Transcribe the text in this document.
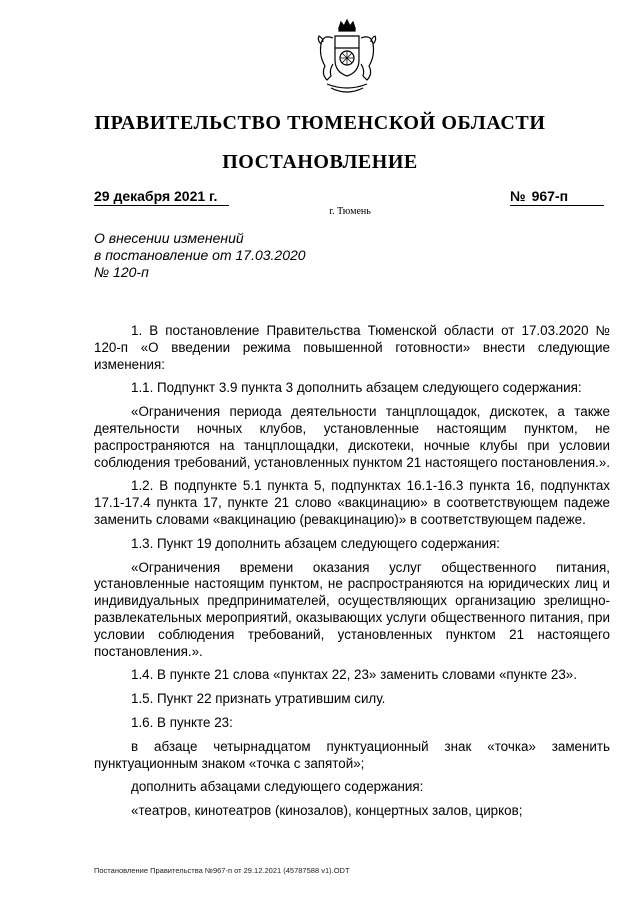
ПРАВИТЕЛЬСТВО ТЮМЕНСКОЙ ОБЛАСТИ
ПОСТАНОВЛЕНИЕ
29 декабря 2021 г.	№ 967-п
г. Тюмень
О внесении изменений
в постановление от 17.03.2020
№ 120-п

1. В постановление Правительства Тюменской области от 17.03.2020 № 120-п «О введении режима повышенной готовности» внести следующие изменения:

1.1. Подпункт 3.9 пункта 3 дополнить абзацем следующего содержания:

«Ограничения периода деятельности танцплощадок, дискотек, а также деятельности ночных клубов, установленные настоящим пунктом, не распространяются на танцплощадки, дискотеки, ночные клубы при условии соблюдения требований, установленных пунктом 21 настоящего постановления.».

1.2. В подпункте 5.1 пункта 5, подпунктах 16.1-16.3 пункта 16, подпунктах 17.1-17.4 пункта 17, пункте 21 слово «вакцинацию» в соответствующем падеже заменить словами «вакцинацию (ревакцинацию)» в соответствующем падеже.

1.3. Пункт 19 дополнить абзацем следующего содержания:

«Ограничения времени оказания услуг общественного питания, установленные настоящим пунктом, не распространяются на юридических лиц и индивидуальных предпринимателей, осуществляющих организацию зрелищно-развлекательных мероприятий, оказывающих услуги общественного питания, при условии соблюдения требований, установленных пунктом 21 настоящего постановления.».

1.4. В пункте 21 слова «пунктах 22, 23» заменить словами «пункте 23».

1.5. Пункт 22 признать утратившим силу.

1.6. В пункте 23:

в абзаце четырнадцатом пунктуационный знак «точка» заменить пунктуационным знаком «точка с запятой»;

дополнить абзацами следующего содержания:

«театров, кинотеатров (кинозалов), концертных залов, цирков;

Постановление Правительства №967-п от 29.12.2021 (45787588 v1).ODT
